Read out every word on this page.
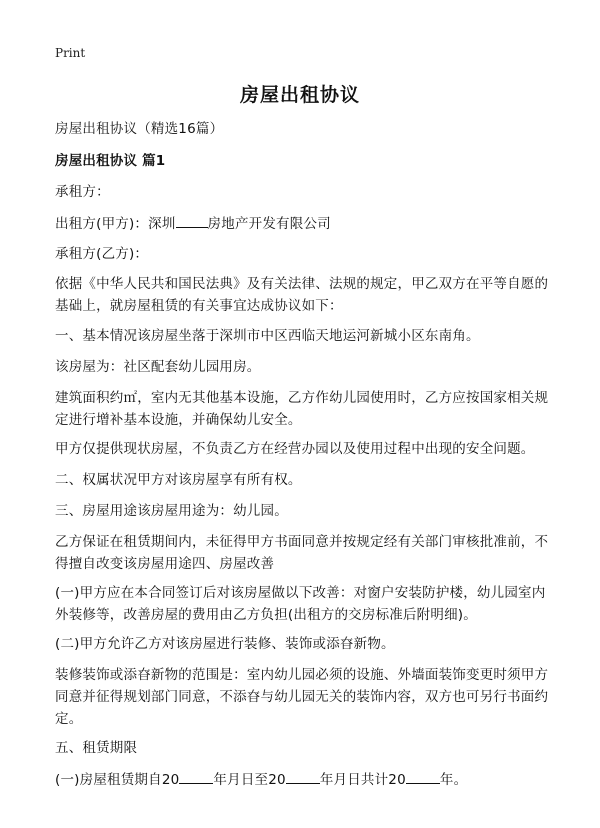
Print
房屋出租协议

房屋出租协议（精选16篇）

房屋出租协议 篇1

承租方：

出租方(甲方)：深圳 房地产开发有限公司

承租方(乙方)：

依据《中华人民共和国民法典》及有关法律、法规的规定，甲乙双方在平等自愿的基础上，就房屋租赁的有关事宜达成协议如下：

一、基本情况该房屋坐落于深圳市中区西临天地运河新城小区东南角。

该房屋为：社区配套幼儿园用房。

建筑面积约㎡，室内无其他基本设施，乙方作幼儿园使用时，乙方应按国家相关规定进行增补基本设施，并确保幼儿安全。

甲方仅提供现状房屋，不负责乙方在经营办园以及使用过程中出现的安全问题。

二、权属状况甲方对该房屋享有所有权。

三、房屋用途该房屋用途为：幼儿园。

乙方保证在租赁期间内，未征得甲方书面同意并按规定经有关部门审核批准前，不得擅自改变该房屋用途四、房屋改善

(一)甲方应在本合同签订后对该房屋做以下改善：对窗户安装防护楼，幼儿园室内外装修等，改善房屋的费用由乙方负担(出租方的交房标准后附明细)。

(二)甲方允许乙方对该房屋进行装修、装饰或添昚新物。

装修装饰或添昚新物的范围是：室内幼儿园必须的设施、外墙面装饰变更时须甲方同意并征得规划部门同意，不添昚与幼儿园无关的装饰内容，双方也可另行书面约定。

五、租赁期限

(一)房屋租赁期自20	年月日至20	年月日共计20	年。
